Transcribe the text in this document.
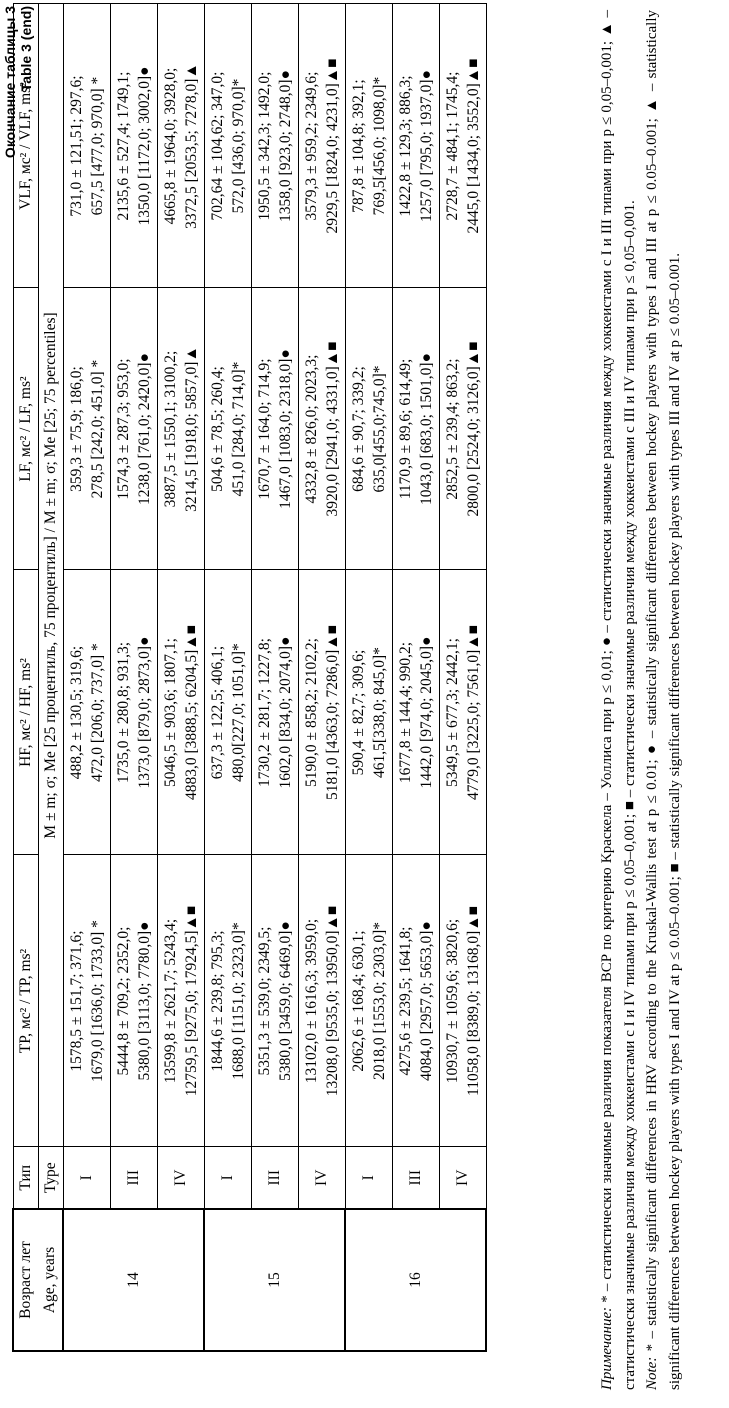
Окончание таблицы 3 Table 3 (end)
Возраст лет Age, years	Тип	TP, мс² / TP, ms²	HF, мс² / HF, ms²	LF, мс² / LF, ms²	VLF, мс² / VLF, ms²
	Type	M ± m; σ; Me [25 процентиль, 75 процентиль] / M ± m; σ; Me [25; 75 percentiles]			
14	I	1578,5 ± 151,7; 371,6; 1679,0 [1636,0; 1733,0] *	488,2 ± 130,5; 319,6; 472,0 [206,0; 737,0] *	359,3 ± 75,9; 186,0; 278,5 [242,0; 451,0] *	731,0 ± 121,51; 297,6; 657,5 [477,0; 970,0] *

	III	5444,8 ± 709,2; 2352,0; 5380,0 [3113,0; 7780,0]●	1735,0 ± 280,8; 931,3; 1373,0 [879,0; 2873,0]●	1574,3 ± 287,3; 953,0; 1238,0 [761,0; 2420,0]●	2135,6 ± 527,4; 1749,1; 1350,0 [1172,0; 3002,0]●

	IV	13599,8 ± 2621,7; 5243,4; 12759,5 [9275,0; 17924,5]▲■	5046,5 ± 903,6; 1807,1; 4883,0 [3888,5; 6204,5]▲■	3887,5 ± 1550,1; 3100,2; 3214,5 [1918,0; 5857,0]▲	4665,8 ± 1964,0; 3928,0; 3372,5 [2053,5; 7278,0]▲

15	I	1844,6 ± 239,8; 795,3; 1688,0 [1151,0; 2323,0]*	637,3 ± 122,5; 406,1; 480,0[227,0; 1051,0]*	504,6 ± 78,5; 260,4; 451,0 [284,0; 714,0]*	702,64 ± 104,62; 347,0; 572,0 [436,0; 970,0]*

	III	5351,3 ± 539,0; 2349,5; 5380,0 [3459,0; 6469,0]●	1730,2 ± 281,7; 1227,8; 1602,0 [834,0; 2074,0]●	1670,7 ± 164,0; 714,9; 1467,0 [1083,0; 2318,0]●	1950,5 ± 342,3; 1492,0; 1358,0 [923,0; 2748,0]●

	IV	13102,0 ± 1616,3; 3959,0; 13208,0 [9535,0; 13950,0]▲■	5190,0 ± 858,2; 2102,2; 5181,0 [4363,0; 7286,0]▲■	4332,8 ± 826,0; 2023,3; 3920,0 [2941,0; 4331,0]▲■	3579,3 ± 959,2; 2349,6; 2929,5 [1824,0; 4231,0]▲■

16	I	2062,6 ± 168,4; 630,1; 2018,0 [1553,0; 2303,0]*	590,4 ± 82,7; 309,6; 461,5[338,0; 845,0]*	684,6 ± 90,7; 339,2; 635,0[455,0;745,0]*	787,8 ± 104,8; 392,1; 769,5[456,0; 1098,0]*

	III	4275,6 ± 239,5; 1641,8; 4084,0 [2957,0; 5653,0]●	1677,8 ± 144,4; 990,2; 1442,0 [974,0; 2045,0]●	1170,9 ± 89,6; 614,49; 1043,0 [683,0; 1501,0]●	1422,8 ± 129,3; 886,3; 1257,0 [795,0; 1937,0]●

	IV	10930,7 ± 1059,6; 3820,6; 11058,0 [8389,0; 13168,0]▲■	5349,5 ± 677,3; 2442,1; 4779,0 [3225,0; 7561,0]▲■	2852,5 ± 239,4; 863,2; 2800,0 [2524,0; 3126,0]▲■	2728,7 ± 484,1; 1745,4; 2445,0 [1434,0; 3552,0]▲■

Примечание: * – статистически значимые различия показателя ВСР по критерию Краскела – Уоллиса при p ≤ 0,01; ● – статистически значимые различия между хоккеистами с I и III типами при p ≤ 0,05–0,001; ▲ – статистически значимые различия между хоккеистами с I и IV типами при p ≤ 0,05–0,001; ■ – статистически значимые различия между хоккеистами с III и IV типами при p ≤ 0,05–0,001. Note: * – statistically significant differences in HRV according to the Kruskal-Wallis test at p ≤ 0.01; ● – statistically significant differences between hockey players with types I and III at p ≤ 0.05–0.001; ▲ – statistically significant differences between hockey players with types I and IV at p ≤ 0.05–0.001; ■ – statistically significant differences between hockey players with types III and IV at p ≤ 0.05–0.001.
